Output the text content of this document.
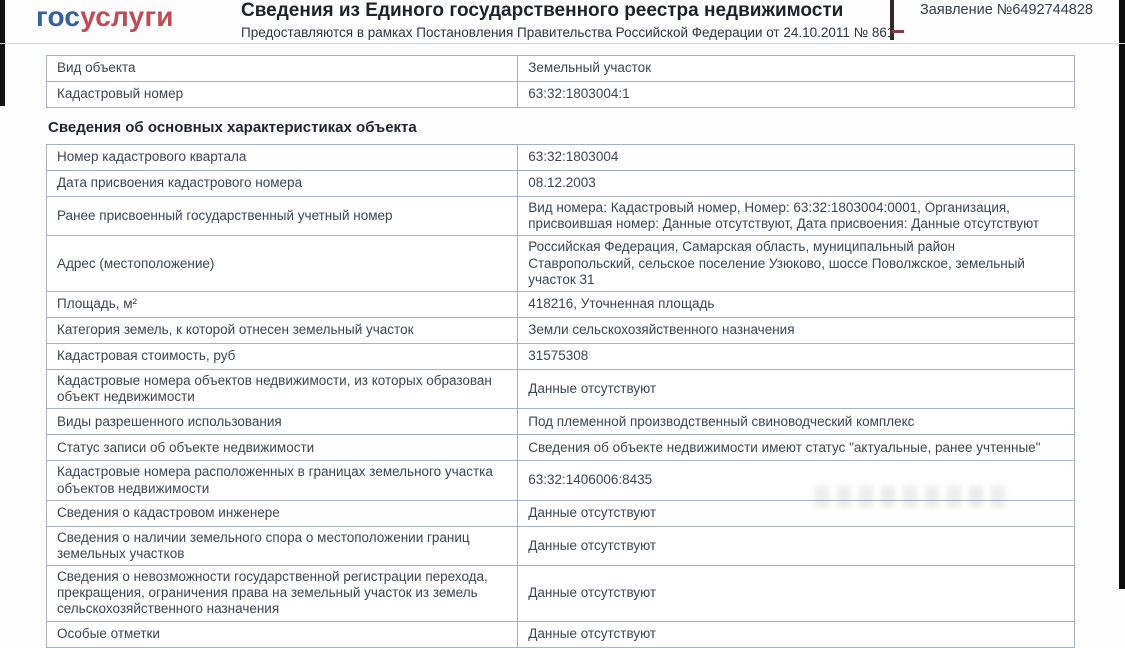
госуслуги	Сведения из Единого государственного реестра недвижимости
Предоставляются в рамках Постановления Правительства Российской Федерации от 24.10.2011 № 861
Заявление №6492744828
Вид объекта	Земельный участок
Кадастровый номер	63:32:1803004:1
Сведения об основных характеристиках объекта
Номер кадастрового квартала	63:32:1803004
Дата присвоения кадастрового номера	08.12.2003
Ранее присвоенный государственный учетный номер	Вид номера: Кадастровый номер, Номер: 63:32:1803004:0001, Организация, присвоившая номер: Данные отсутствуют, Дата присвоения: Данные отсутствуют
Адрес (местоположение)	Российская Федерация, Самарская область, муниципальный район Ставропольский, сельское поселение Узюково, шоссе Поволжское, земельный участок 31
Площадь, м²	418216, Уточненная площадь
Категория земель, к которой отнесен земельный участок	Земли сельскохозяйственного назначения
Кадастровая стоимость, руб	31575308
Кадастровые номера объектов недвижимости, из которых образован объект недвижимости	Данные отсутствуют
Виды разрешенного использования	Под племенной производственный свиноводческий комплекс
Статус записи об объекте недвижимости	Сведения об объекте недвижимости имеют статус "актуальные, ранее учтенные"
Кадастровые номера расположенных в границах земельного участка объектов недвижимости	63:32:1406006:8435
Сведения о кадастровом инженере	Данные отсутствуют
Сведения о наличии земельного спора о местоположении границ земельных участков	Данные отсутствуют
Сведения о невозможности государственной регистрации перехода, прекращения, ограничения права на земельный участок из земель сельскохозяйственного назначения	Данные отсутствуют
Особые отметки	Данные отсутствуют
